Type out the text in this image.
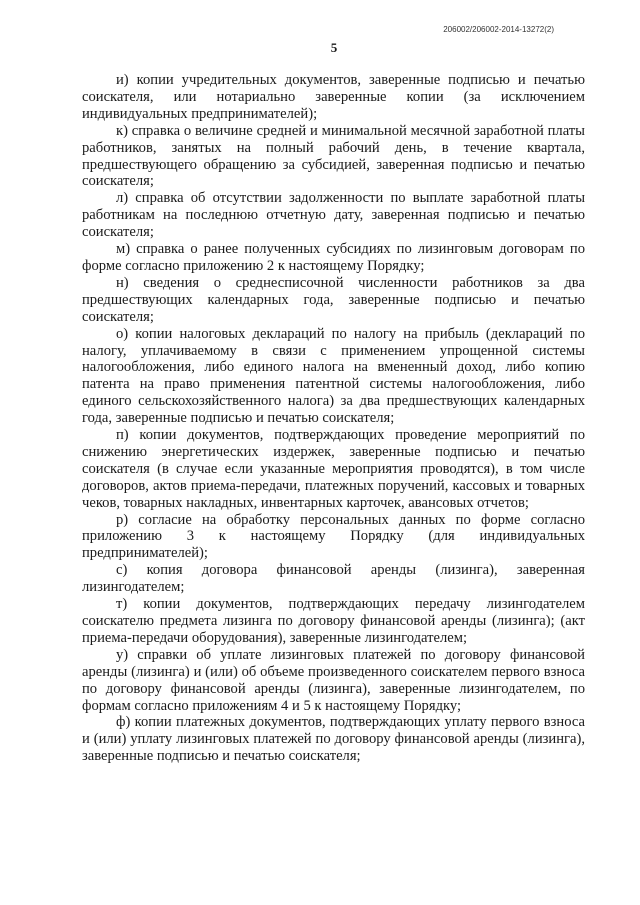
206002/206002-2014-13272(2)
5

и) копии учредительных документов, заверенные подписью и печатью соискателя, или нотариально заверенные копии (за исключением индивидуальных предпринимателей);

к) справка о величине средней и минимальной месячной заработной платы работников, занятых на полный рабочий день, в течение квартала, предшествующего обращению за субсидией, заверенная подписью и печатью соискателя;

л) справка об отсутствии задолженности по выплате заработной платы работникам на последнюю отчетную дату, заверенная подписью и печатью соискателя;

м) справка о ранее полученных субсидиях по лизинговым договорам по форме согласно приложению 2 к настоящему Порядку;

н) сведения о среднесписочной численности работников за два предшествующих календарных года, заверенные подписью и печатью соискателя;

о) копии налоговых деклараций по налогу на прибыль (деклараций по налогу, уплачиваемому в связи с применением упрощенной системы налогообложения, либо единого налога на вмененный доход, либо копию патента на право применения патентной системы налогообложения, либо единого сельскохозяйственного налога) за два предшествующих календарных года, заверенные подписью и печатью соискателя;

п) копии документов, подтверждающих проведение мероприятий по снижению энергетических издержек, заверенные подписью и печатью соискателя (в случае если указанные мероприятия проводятся), в том числе договоров, актов приема-передачи, платежных поручений, кассовых и товарных чеков, товарных накладных, инвентарных карточек, авансовых отчетов;

р) согласие на обработку персональных данных по форме согласно приложению 3 к настоящему Порядку (для индивидуальных предпринимателей);

с) копия договора финансовой аренды (лизинга), заверенная лизингодателем;

т) копии документов, подтверждающих передачу лизингодателем соискателю предмета лизинга по договору финансовой аренды (лизинга); (акт приема-передачи оборудования), заверенные лизингодателем;

у) справки об уплате лизинговых платежей по договору финансовой аренды (лизинга) и (или) об объеме произведенного соискателем первого взноса по договору финансовой аренды (лизинга), заверенные лизингодателем, по формам согласно приложениям 4 и 5 к настоящему Порядку;

ф) копии платежных документов, подтверждающих уплату первого взноса и (или) уплату лизинговых платежей по договору финансовой аренды (лизинга), заверенные подписью и печатью соискателя;
